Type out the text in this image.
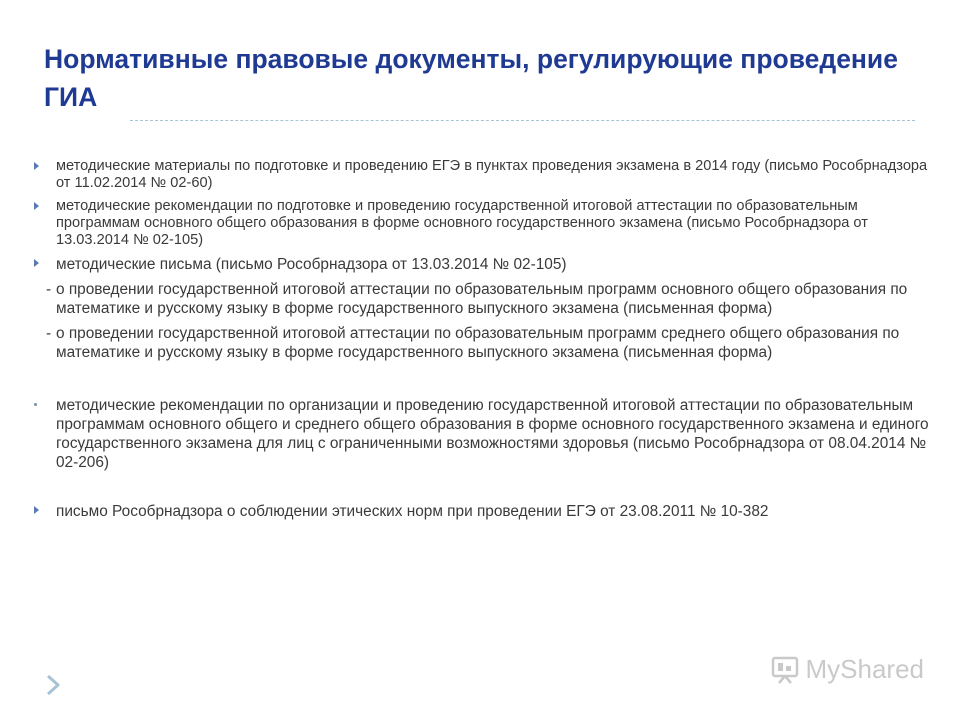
Нормативные правовые документы, регулирующие проведение ГИА
методические материалы по подготовке и проведению ЕГЭ в пунктах проведения экзамена в 2014 году (письмо Рособрнадзора от 11.02.2014 № 02-60)
методические рекомендации по подготовке и проведению государственной итоговой аттестации по образовательным программам основного общего образования в форме основного государственного экзамена (письмо Рособрнадзора от 13.03.2014 № 02-105)
методические письма (письмо Рособрнадзора от 13.03.2014 № 02-105)
- о проведении государственной итоговой аттестации по образовательным программ основного общего образования по математике и русскому языку в форме государственного выпускного экзамена (письменная форма)
- о проведении государственной итоговой аттестации по образовательным программ среднего общего образования по математике и русскому языку в форме государственного выпускного экзамена (письменная форма)
методические рекомендации по организации и проведению государственной итоговой аттестации по образовательным программам основного общего и среднего общего образования в форме основного государственного экзамена и единого государственного экзамена для лиц с ограниченными возможностями здоровья (письмо Рособрнадзора от 08.04.2014 № 02-206)
письмо Рособрнадзора о соблюдении этических норм при проведении ЕГЭ от 23.08.2011 № 10-382
MyShared
